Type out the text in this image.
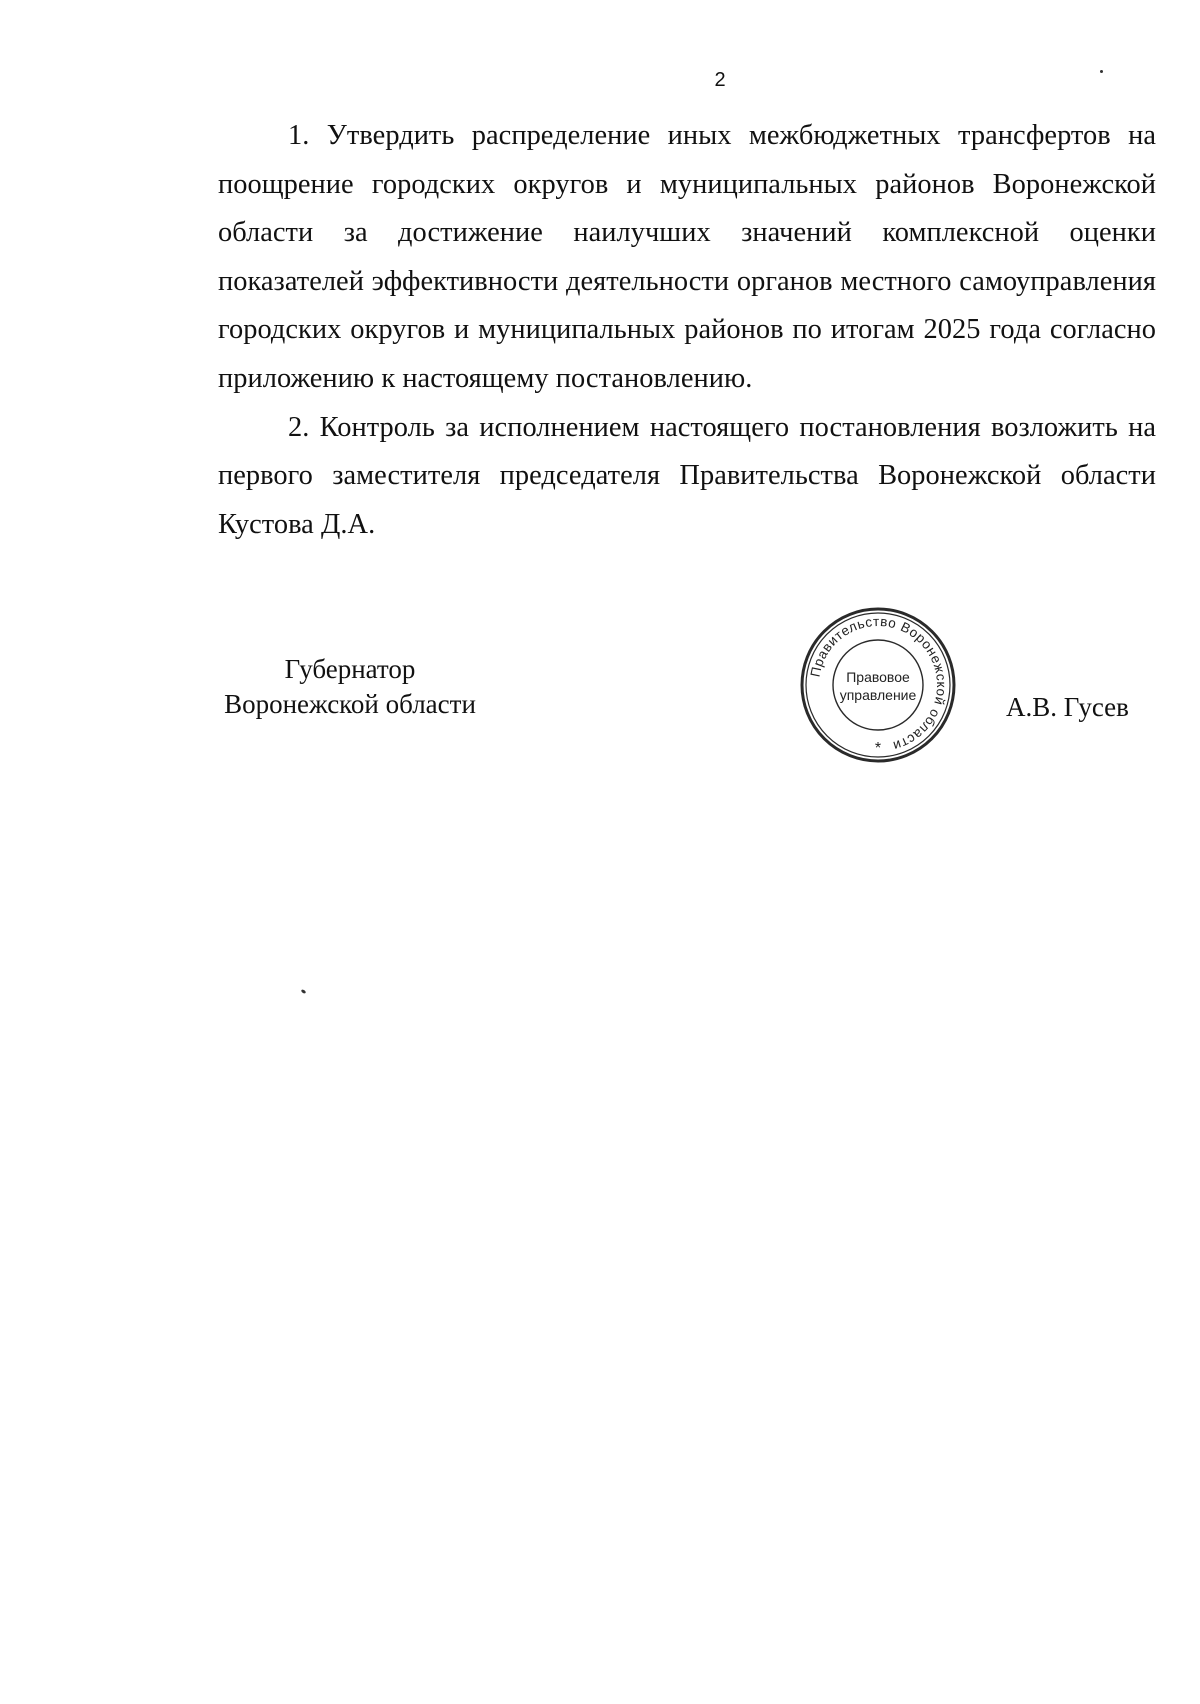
2

1. Утвердить распределение иных межбюджетных трансфертов на поощрение городских округов и муниципальных районов Воронежской области за достижение наилучших значений комплексной оценки показателей эффективности деятельности органов местного самоуправления городских округов и муниципальных районов по итогам 2025 года согласно приложению к настоящему постановлению.

2. Контроль за исполнением настоящего постановления возложить на первого заместителя председателя Правительства Воронежской области Кустова Д.А.

Губернатор
Воронежской области
Правительство Воронежской области
Правовое
управление
*
А.В. Гусев
